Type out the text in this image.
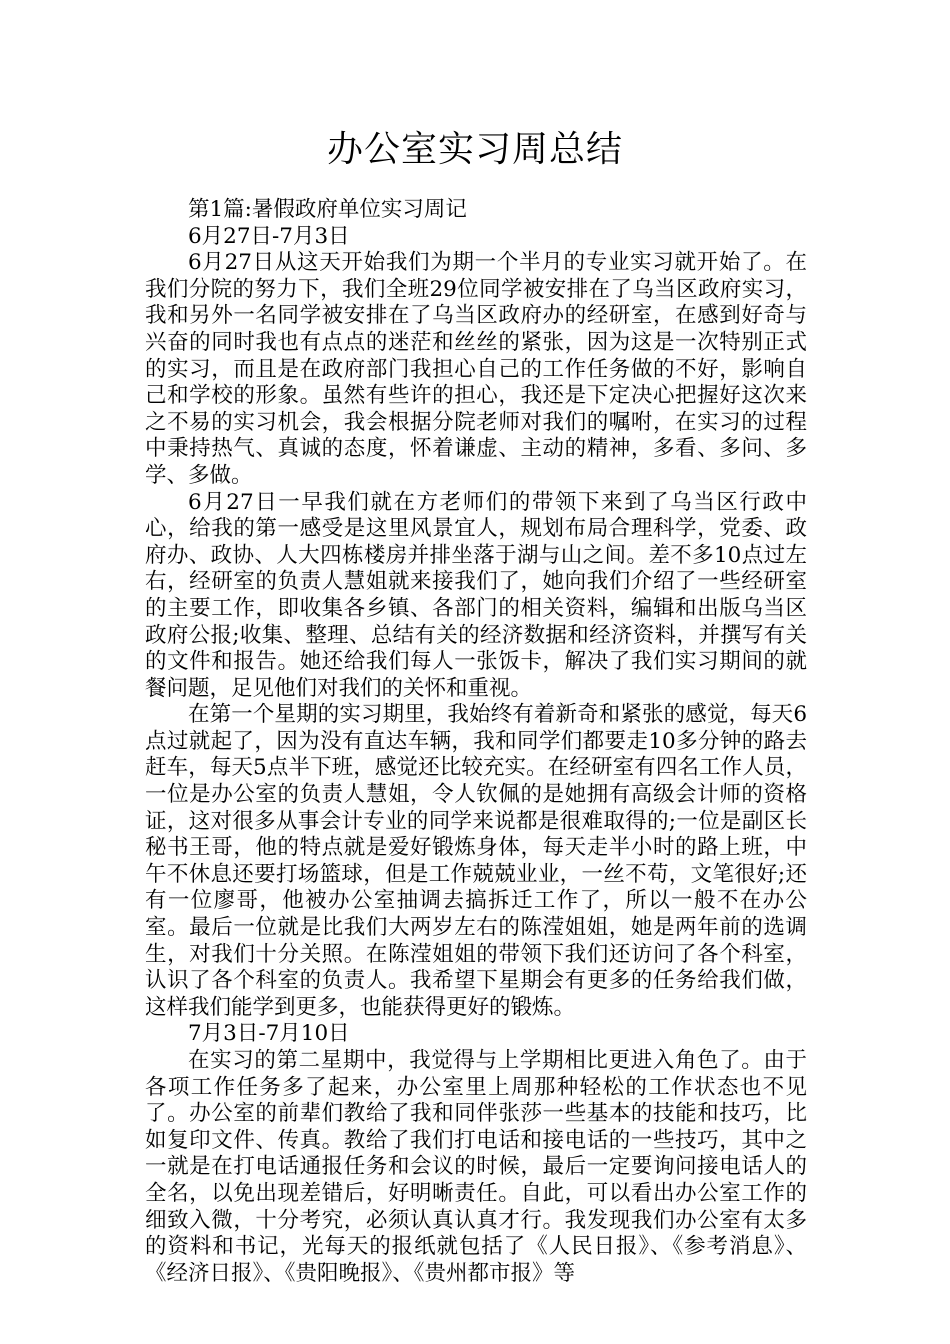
办公室实习周总结

第1篇:暑假政府单位实习周记

6月27日-7月3日

6月27日从这天开始我们为期一个半月的专业实习就开始了。在我们分院的努力下，我们全班29位同学被安排在了乌当区政府实习，我和另外一名同学被安排在了乌当区政府办的经研室，在感到好奇与兴奋的同时我也有点点的迷茫和丝丝的紧张，因为这是一次特别正式的实习，而且是在政府部门我担心自己的工作任务做的不好，影响自己和学校的形象。虽然有些许的担心，我还是下定决心把握好这次来之不易的实习机会，我会根据分院老师对我们的嘱咐，在实习的过程中秉持热气、真诚的态度，怀着谦虚、主动的精神，多看、多问、多学、多做。

6月27日一早我们就在方老师们的带领下来到了乌当区行政中心，给我的第一感受是这里风景宜人，规划布局合理科学，党委、政府办、政协、人大四栋楼房并排坐落于湖与山之间。差不多10点过左右，经研室的负责人慧姐就来接我们了，她向我们介绍了一些经研室的主要工作，即收集各乡镇、各部门的相关资料，编辑和出版乌当区政府公报;收集、整理、总结有关的经济数据和经济资料，并撰写有关的文件和报告。她还给我们每人一张饭卡，解决了我们实习期间的就餐问题，足见他们对我们的关怀和重视。

在第一个星期的实习期里，我始终有着新奇和紧张的感觉，每天6点过就起了，因为没有直达车辆，我和同学们都要走10多分钟的路去赶车，每天5点半下班，感觉还比较充实。在经研室有四名工作人员，一位是办公室的负责人慧姐，令人钦佩的是她拥有高级会计师的资格证，这对很多从事会计专业的同学来说都是很难取得的;一位是副区长秘书王哥，他的特点就是爱好锻炼身体，每天走半小时的路上班，中午不休息还要打场篮球，但是工作兢兢业业，一丝不苟，文笔很好;还有一位廖哥，他被办公室抽调去搞拆迁工作了，所以一般不在办公室。最后一位就是比我们大两岁左右的陈滢姐姐，她是两年前的选调生，对我们十分关照。在陈滢姐姐的带领下我们还访问了各个科室，认识了各个科室的负责人。我希望下星期会有更多的任务给我们做，这样我们能学到更多，也能获得更好的锻炼。

7月3日-7月10日

在实习的第二星期中，我觉得与上学期相比更进入角色了。由于各项工作任务多了起来，办公室里上周那种轻松的工作状态也不见了。办公室的前辈们教给了我和同伴张莎一些基本的技能和技巧，比如复印文件、传真。教给了我们打电话和接电话的一些技巧，其中之一就是在打电话通报任务和会议的时候，最后一定要询问接电话人的全名，以免出现差错后，好明晰责任。自此，可以看出办公室工作的细致入微，十分考究，必须认真认真才行。我发现我们办公室有太多的资料和书记，光每天的报纸就包括了《人民日报》、《参考消息》、《经济日报》、《贵阳晚报》、《贵州都市报》等
